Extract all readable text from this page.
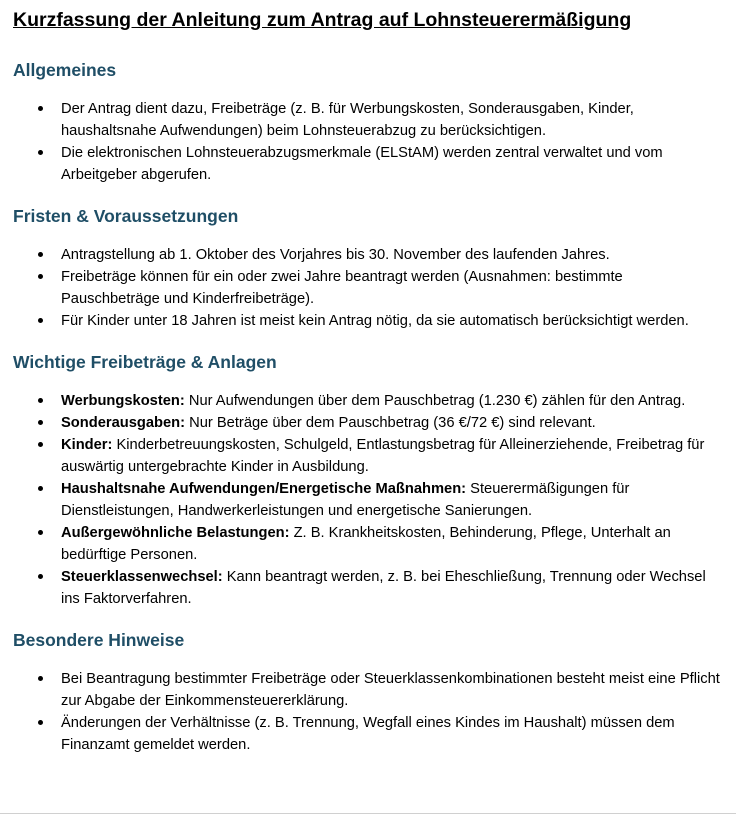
Kurzfassung der Anleitung zum Antrag auf Lohnsteuerermäßigung
Allgemeines
Der Antrag dient dazu, Freibeträge (z. B. für Werbungskosten, Sonderausgaben, Kinder, haushaltsnahe Aufwendungen) beim Lohnsteuerabzug zu berücksichtigen.
Die elektronischen Lohnsteuerabzugsmerkmale (ELStAM) werden zentral verwaltet und vom Arbeitgeber abgerufen.
Fristen & Voraussetzungen
Antragstellung ab 1. Oktober des Vorjahres bis 30. November des laufenden Jahres.
Freibeträge können für ein oder zwei Jahre beantragt werden (Ausnahmen: bestimmte Pauschbeträge und Kinderfreibeträge).
Für Kinder unter 18 Jahren ist meist kein Antrag nötig, da sie automatisch berücksichtigt werden.
Wichtige Freibeträge & Anlagen
Werbungskosten: Nur Aufwendungen über dem Pauschbetrag (1.230 €) zählen für den Antrag.
Sonderausgaben: Nur Beträge über dem Pauschbetrag (36 €/72 €) sind relevant.
Kinder: Kinderbetreuungskosten, Schulgeld, Entlastungsbetrag für Alleinerziehende, Freibetrag für auswärtig untergebrachte Kinder in Ausbildung.
Haushaltsnahe Aufwendungen/Energetische Maßnahmen: Steuerermäßigungen für Dienstleistungen, Handwerkerleistungen und energetische Sanierungen.
Außergewöhnliche Belastungen: Z. B. Krankheitskosten, Behinderung, Pflege, Unterhalt an bedürftige Personen.
Steuerklassenwechsel: Kann beantragt werden, z. B. bei Eheschließung, Trennung oder Wechsel ins Faktorverfahren.
Besondere Hinweise
Bei Beantragung bestimmter Freibeträge oder Steuerklassenkombinationen besteht meist eine Pflicht zur Abgabe der Einkommensteuererklärung.
Änderungen der Verhältnisse (z. B. Trennung, Wegfall eines Kindes im Haushalt) müssen dem Finanzamt gemeldet werden.
